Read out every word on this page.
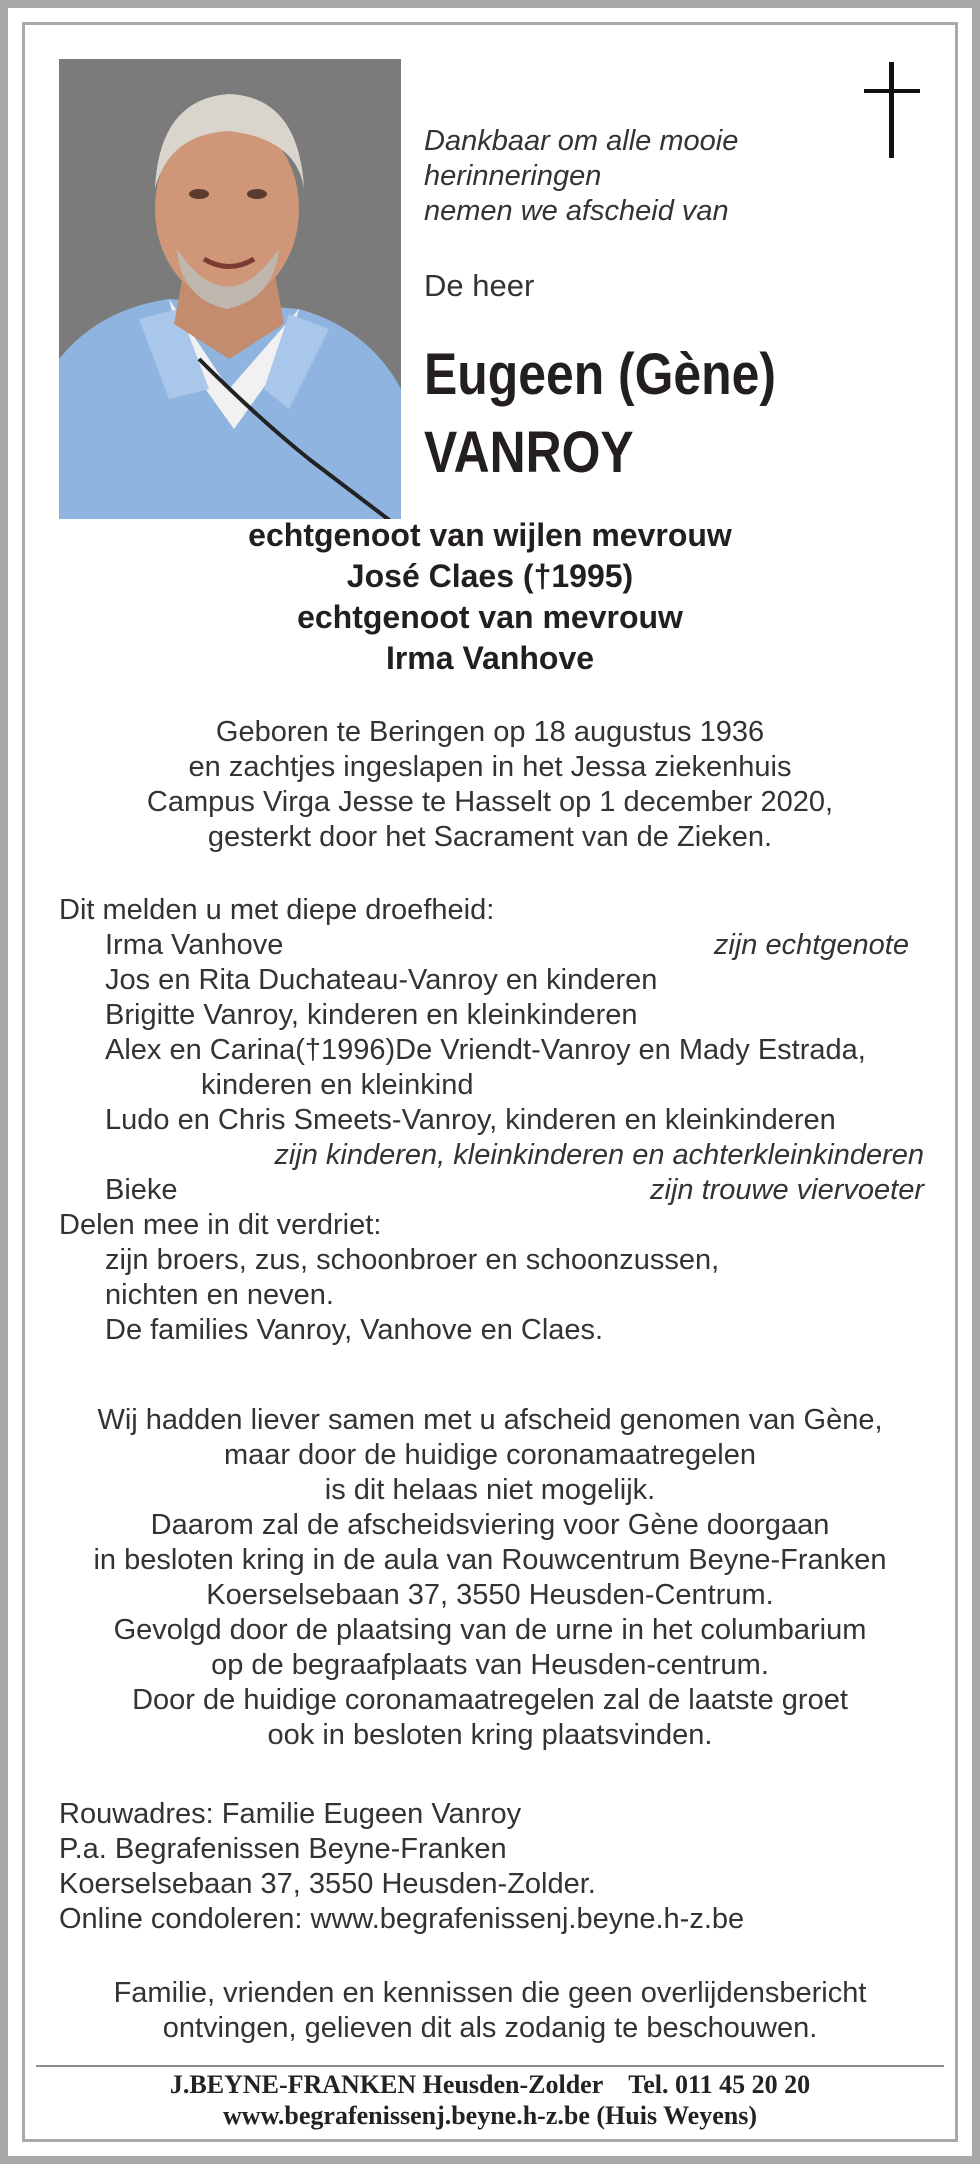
Dankbaar om alle mooie
herinneringen
nemen we afscheid van
De heer
Eugeen (Gène)
VANROY
echtgenoot van wijlen mevrouw
José Claes (†1995)
echtgenoot van mevrouw
Irma Vanhove
Geboren te Beringen op 18 augustus 1936
en zachtjes ingeslapen in het Jessa ziekenhuis
Campus Virga Jesse te Hasselt op 1 december 2020,
gesterkt door het Sacrament van de Zieken.
Dit melden u met diepe droefheid:
Irma Vanhove	zijn echtgenote
Jos en Rita Duchateau-Vanroy en kinderen
Brigitte Vanroy, kinderen en kleinkinderen
Alex en Carina(†1996)De Vriendt-Vanroy en Mady Estrada,
kinderen en kleinkind
Ludo en Chris Smeets-Vanroy, kinderen en kleinkinderen
zijn kinderen, kleinkinderen en achterkleinkinderen
Bieke	zijn trouwe viervoeter
Delen mee in dit verdriet:
zijn broers, zus, schoonbroer en schoonzussen,
nichten en neven.
De families Vanroy, Vanhove en Claes.
Wij hadden liever samen met u afscheid genomen van Gène,
maar door de huidige coronamaatregelen
is dit helaas niet mogelijk.
Daarom zal de afscheidsviering voor Gène doorgaan
in besloten kring in de aula van Rouwcentrum Beyne-Franken
Koerselsebaan 37, 3550 Heusden-Centrum.
Gevolgd door de plaatsing van de urne in het columbarium
op de begraafplaats van Heusden-centrum.
Door de huidige coronamaatregelen zal de laatste groet
ook in besloten kring plaatsvinden.
Rouwadres: Familie Eugeen Vanroy
P.a. Begrafenissen Beyne-Franken
Koerselsebaan 37, 3550 Heusden-Zolder.
Online condoleren: www.begrafenissenj.beyne.h-z.be
Familie, vrienden en kennissen die geen overlijdensbericht
ontvingen, gelieven dit als zodanig te beschouwen.
J.BEYNE-FRANKEN Heusden-Zolder    Tel. 011 45 20 20
www.begrafenissenj.beyne.h-z.be (Huis Weyens)
